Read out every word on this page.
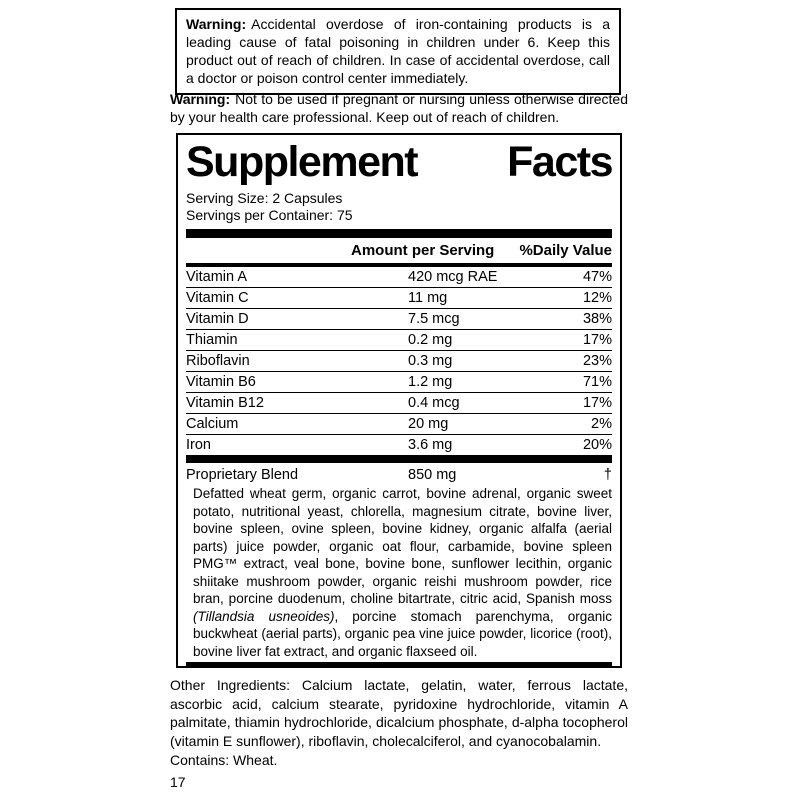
Warning: Accidental overdose of iron-containing products is a leading cause of fatal poisoning in children under 6. Keep this product out of reach of children. In case of accidental overdose, call a doctor or poison control center immediately.
Warning: Not to be used if pregnant or nursing unless otherwise directed by your health care professional. Keep out of reach of children.
Supplement Facts
Serving Size: 2 Capsules
Servings per Container: 75
Amount per Serving %Daily Value
Vitamin A	420 mcg RAE	47%
Vitamin C	11 mg	12%
Vitamin D	7.5 mcg	38%
Thiamin	0.2 mg	17%
Riboflavin	0.3 mg	23%
Vitamin B6	1.2 mg	71%
Vitamin B12	0.4 mcg	17%
Calcium	20 mg	2%
Iron	3.6 mg	20%
Proprietary Blend	850 mg	†
Defatted wheat germ, organic carrot, bovine adrenal, organic sweet potato, nutritional yeast, chlorella, magnesium citrate, bovine liver, bovine spleen, ovine spleen, bovine kidney, organic alfalfa (aerial parts) juice powder, organic oat flour, carbamide, bovine spleen PMG™ extract, veal bone, bovine bone, sunflower lecithin, organic shiitake mushroom powder, organic reishi mushroom powder, rice bran, porcine duodenum, choline bitartrate, citric acid, Spanish moss (Tillandsia usneoides), porcine stomach parenchyma, organic buckwheat (aerial parts), organic pea vine juice powder, licorice (root), bovine liver fat extract, and organic flaxseed oil.
Other Ingredients: Calcium lactate, gelatin, water, ferrous lactate, ascorbic acid, calcium stearate, pyridoxine hydrochloride, vitamin A palmitate, thiamin hydrochloride, dicalcium phosphate, d-alpha tocopherol (vitamin E sunflower), riboflavin, cholecalciferol, and cyanocobalamin.
Contains: Wheat.
17
